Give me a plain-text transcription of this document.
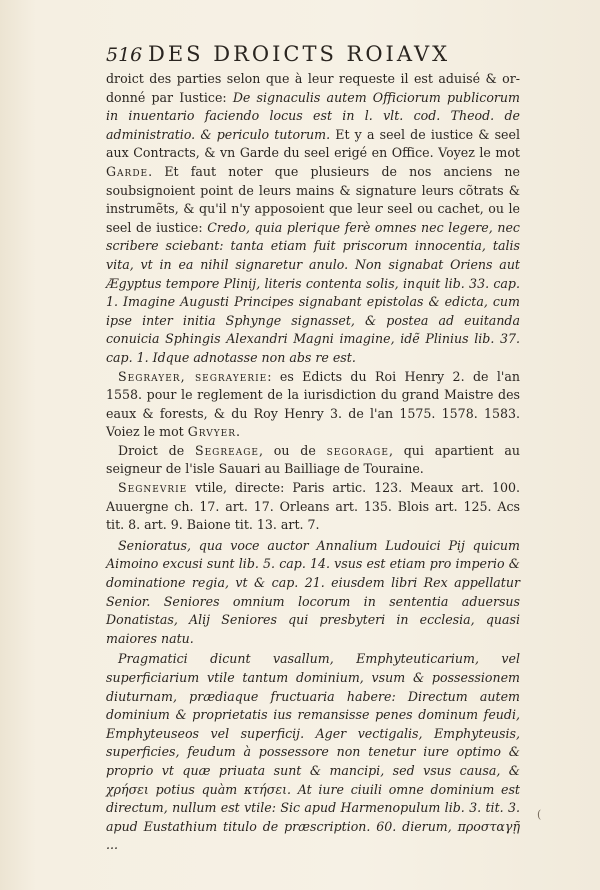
516 DES DROICTS ROIAVX

droict des parties selon que à leur requeste il est aduisé & or-donné par Iustice: De signaculis autem Officiorum publicorum in inuentario faciendo locus est in l. vlt. cod. Theod. de administratio. & periculo tutorum. Et y a seel de iustice & seel aux Contracts, & vn Garde du seel erigé en Office. Voyez le mot Garde. Et faut noter que plusieurs de nos anciens ne soubsignoient point de leurs mains & signature leurs cõtrats & instrumẽts, & qu'il n'y apposoient que leur seel ou cachet, ou le seel de iustice: Credo, quia plerique ferè omnes nec legere, nec scribere sciebant: tanta etiam fuit priscorum innocentia, talis vita, vt in ea nihil signaretur anulo. Non signabat Oriens aut Ægyptus tempore Plinij, literis contenta solis, inquit lib. 33. cap. 1. Imagine Augusti Principes signabant epistolas & edicta, cum ipse inter initia Sphynge signasset, & postea ad euitanda conuicia Sphingis Alexandri Magni imagine, idẽ Plinius lib. 37. cap. 1. Idque adnotasse non abs re est.

Segrayer, segrayerie: es Edicts du Roi Henry 2. de l'an 1558. pour le reglement de la iurisdiction du grand Maistre des eaux & forests, & du Roy Henry 3. de l'an 1575. 1578. 1583. Voiez le mot Grvyer.

Droict de Segreage, ou de segorage, qui apartient au seigneur de l'isle Sauari au Bailliage de Touraine.

Segnevrie vtile, directe: Paris artic. 123. Meaux art. 100. Auuergne ch. 17. art. 17. Orleans art. 135. Blois art. 125. Acs tit. 8. art. 9. Baione tit. 13. art. 7.

Senioratus, qua voce auctor Annalium Ludouici Pij quicum Aimoino excusi sunt lib. 5. cap. 14. vsus est etiam pro imperio & dominatione regia, vt & cap. 21. eiusdem libri Rex appellatur Senior. Seniores omnium locorum in sententia aduersus Donatistas, Alij Seniores qui presbyteri in ecclesia, quasi maiores natu.

Pragmatici dicunt vasallum, Emphyteuticarium, vel superficiarium vtile tantum dominium, vsum & possessionem diuturnam, prædiaque fructuaria habere: Directum autem dominium & proprietatis ius remansisse penes dominum feudi, Emphyteuseos vel superficij. Ager vectigalis, Emphyteusis, superficies, feudum à possessore non tenetur iure optimo & proprio vt quæ priuata sunt & mancipi, sed vsus causa, & χρήσει potius quàm κτήσει. At iure ciuili omne dominium est directum, nullum est vtile: Sic apud Harmenopulum lib. 3. tit. 3. apud Eustathium titulo de præscription. 60. dierum, προσταγῇ ...

(
